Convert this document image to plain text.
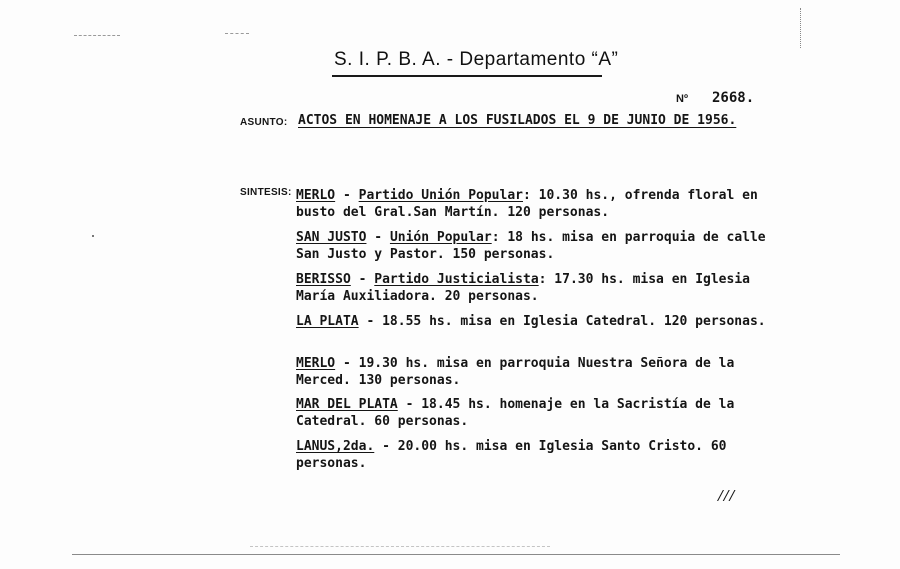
S. I. P. B. A. - Departamento “A”
Nº 2668.
ASUNTO: ACTOS EN HOMENAJE A LOS FUSILADOS EL 9 DE JUNIO DE 1956.
SINTESIS: MERLO - Partido Unión Popular: 10.30 hs., ofrenda floral en busto del Gral.San Martín. 120 personas.

SAN JUSTO - Unión Popular: 18 hs. misa en parroquia de calle San Justo y Pastor. 150 personas.

BERISSO - Partido Justicialista: 17.30 hs. misa en Iglesia María Auxiliadora. 20 personas.

LA PLATA - 18.55 hs. misa en Iglesia Catedral. 120 personas.

MERLO - 19.30 hs. misa en parroquia Nuestra Señora de la Merced. 130 personas.

MAR DEL PLATA - 18.45 hs. homenaje en la Sacristía de la Catedral. 60 personas.

LANUS,2da. - 20.00 hs. misa en Iglesia Santo Cristo. 60 personas.

///
